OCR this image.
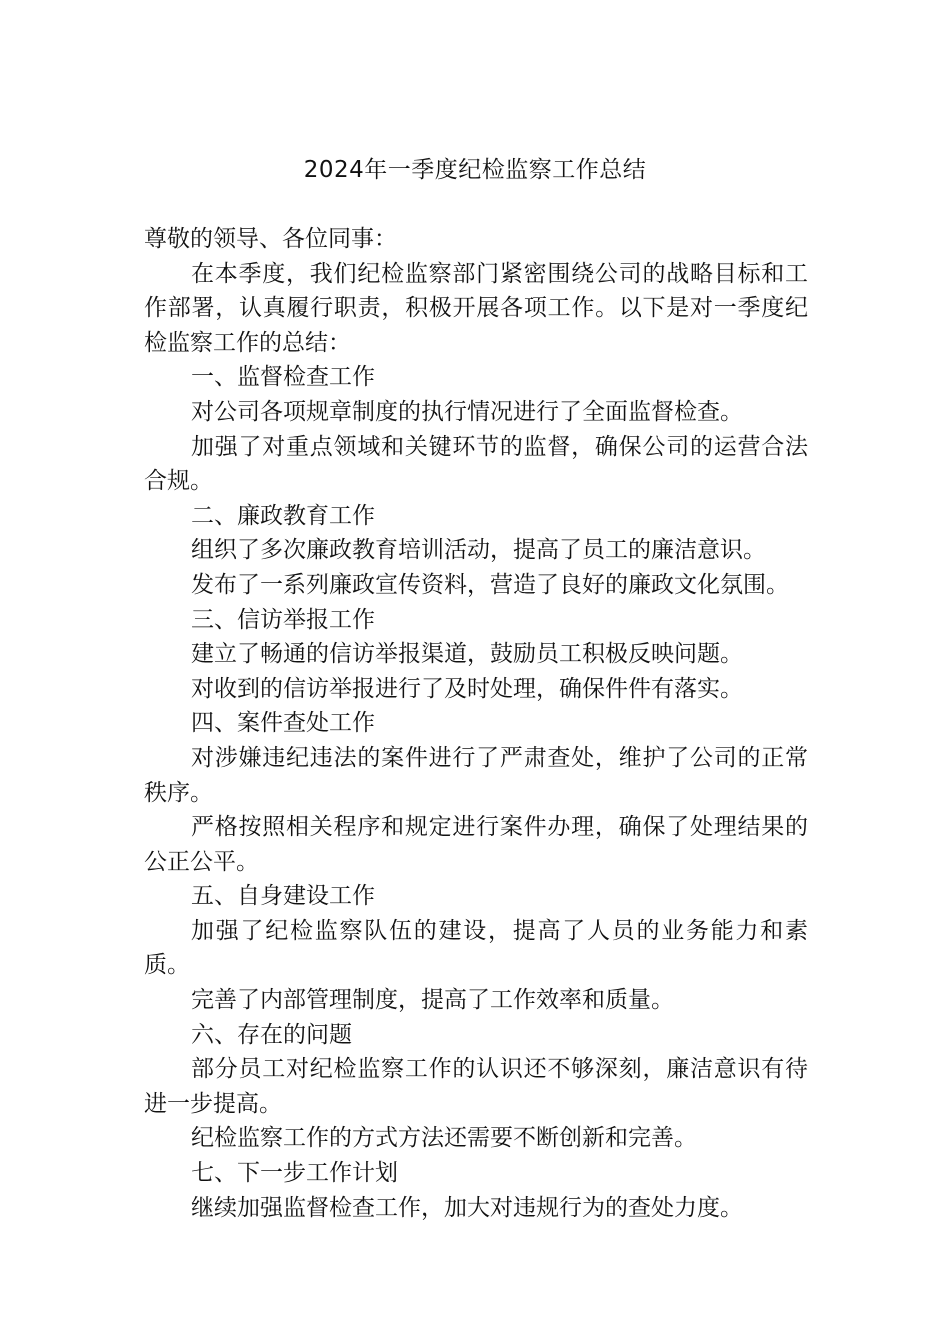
2024年一季度纪检监察工作总结

尊敬的领导、各位同事：

在本季度，我们纪检监察部门紧密围绕公司的战略目标和工作部署，认真履行职责，积极开展各项工作。以下是对一季度纪检监察工作的总结：

一、监督检查工作

对公司各项规章制度的执行情况进行了全面监督检查。

加强了对重点领域和关键环节的监督，确保公司的运营合法合规。

二、廉政教育工作

组织了多次廉政教育培训活动，提高了员工的廉洁意识。

发布了一系列廉政宣传资料，营造了良好的廉政文化氛围。

三、信访举报工作

建立了畅通的信访举报渠道，鼓励员工积极反映问题。

对收到的信访举报进行了及时处理，确保件件有落实。

四、案件查处工作

对涉嫌违纪违法的案件进行了严肃查处，维护了公司的正常秩序。

严格按照相关程序和规定进行案件办理，确保了处理结果的公正公平。

五、自身建设工作

加强了纪检监察队伍的建设，提高了人员的业务能力和素质。

完善了内部管理制度，提高了工作效率和质量。

六、存在的问题

部分员工对纪检监察工作的认识还不够深刻，廉洁意识有待进一步提高。

纪检监察工作的方式方法还需要不断创新和完善。

七、下一步工作计划

继续加强监督检查工作，加大对违规行为的查处力度。
